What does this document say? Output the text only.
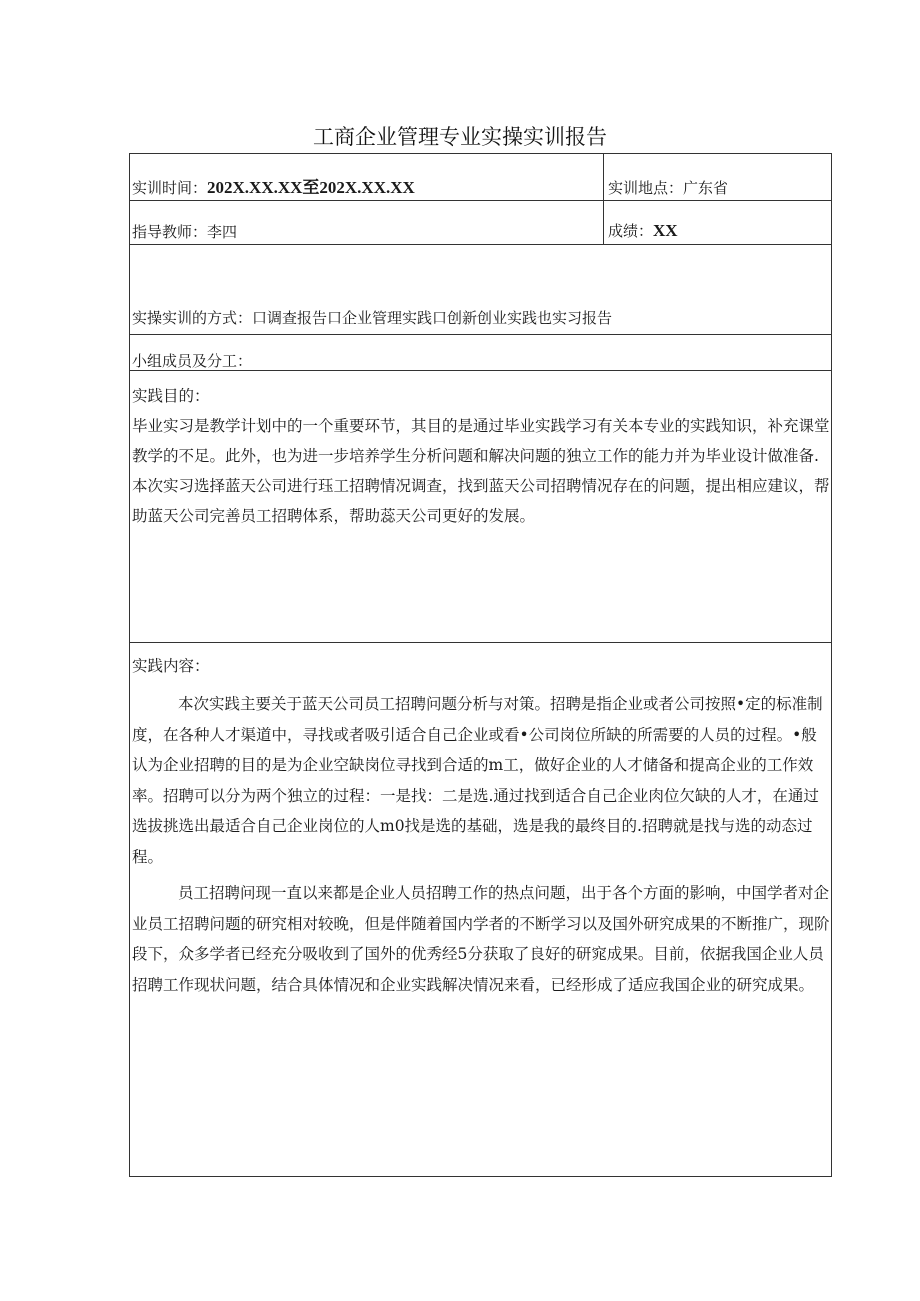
工商企业管理专业实操实训报告
实训时间：202X.XX.XX至202X.XX.XX	实训地点：广东省
指导教师：李四	成绩：XX
实操实训的方式：口调查报告口企业管理实践口创新创业实践也实习报告
小组成员及分工：

实践目的：

毕业实习是教学计划中的一个重要环节，其目的是通过毕业实践学习有关本专业的实践知识，补充课堂教学的不足。此外，也为进一步培养学生分析问题和解决问题的独立工作的能力并为毕业设计做准备.

本次实习选择蓝天公司进行珏工招聘情况调查，找到蓝天公司招聘情况存在的问题，提出相应建议，帮助蓝天公司完善员工招聘体系，帮助蕊天公司更好的发展。

实践内容：

本次实践主要关于蓝天公司员工招聘问题分析与对策。招聘是指企业或者公司按照•定的标准制度，在各种人才渠道中，寻找或者吸引适合自己企业或看•公司岗位所缺的所需要的人员的过程。•般认为企业招聘的目的是为企业空缺岗位寻找到合适的m工，做好企业的人才储备和提高企业的工作效率。招聘可以分为两个独立的过程：一是找：二是选.通过找到适合自己企业肉位欠缺的人才，在通过选拔挑选出最适合自己企业岗位的人m0找是选的基础，选是我的最终目的.招聘就是找与选的动态过程。

员工招聘问现一直以来都是企业人员招聘工作的热点问题，出于各个方面的影响，中国学者对企业员工招聘问题的研究相对较晚，但是伴随着国内学者的不断学习以及国外研究成果的不断推广，现阶段下，众多学者已经充分吸收到了国外的优秀经5分获取了良好的研窕成果。目前，依据我国企业人员招聘工作现状问题，结合具体情况和企业实践解决情况来看，已经形成了适应我国企业的研究成果。
